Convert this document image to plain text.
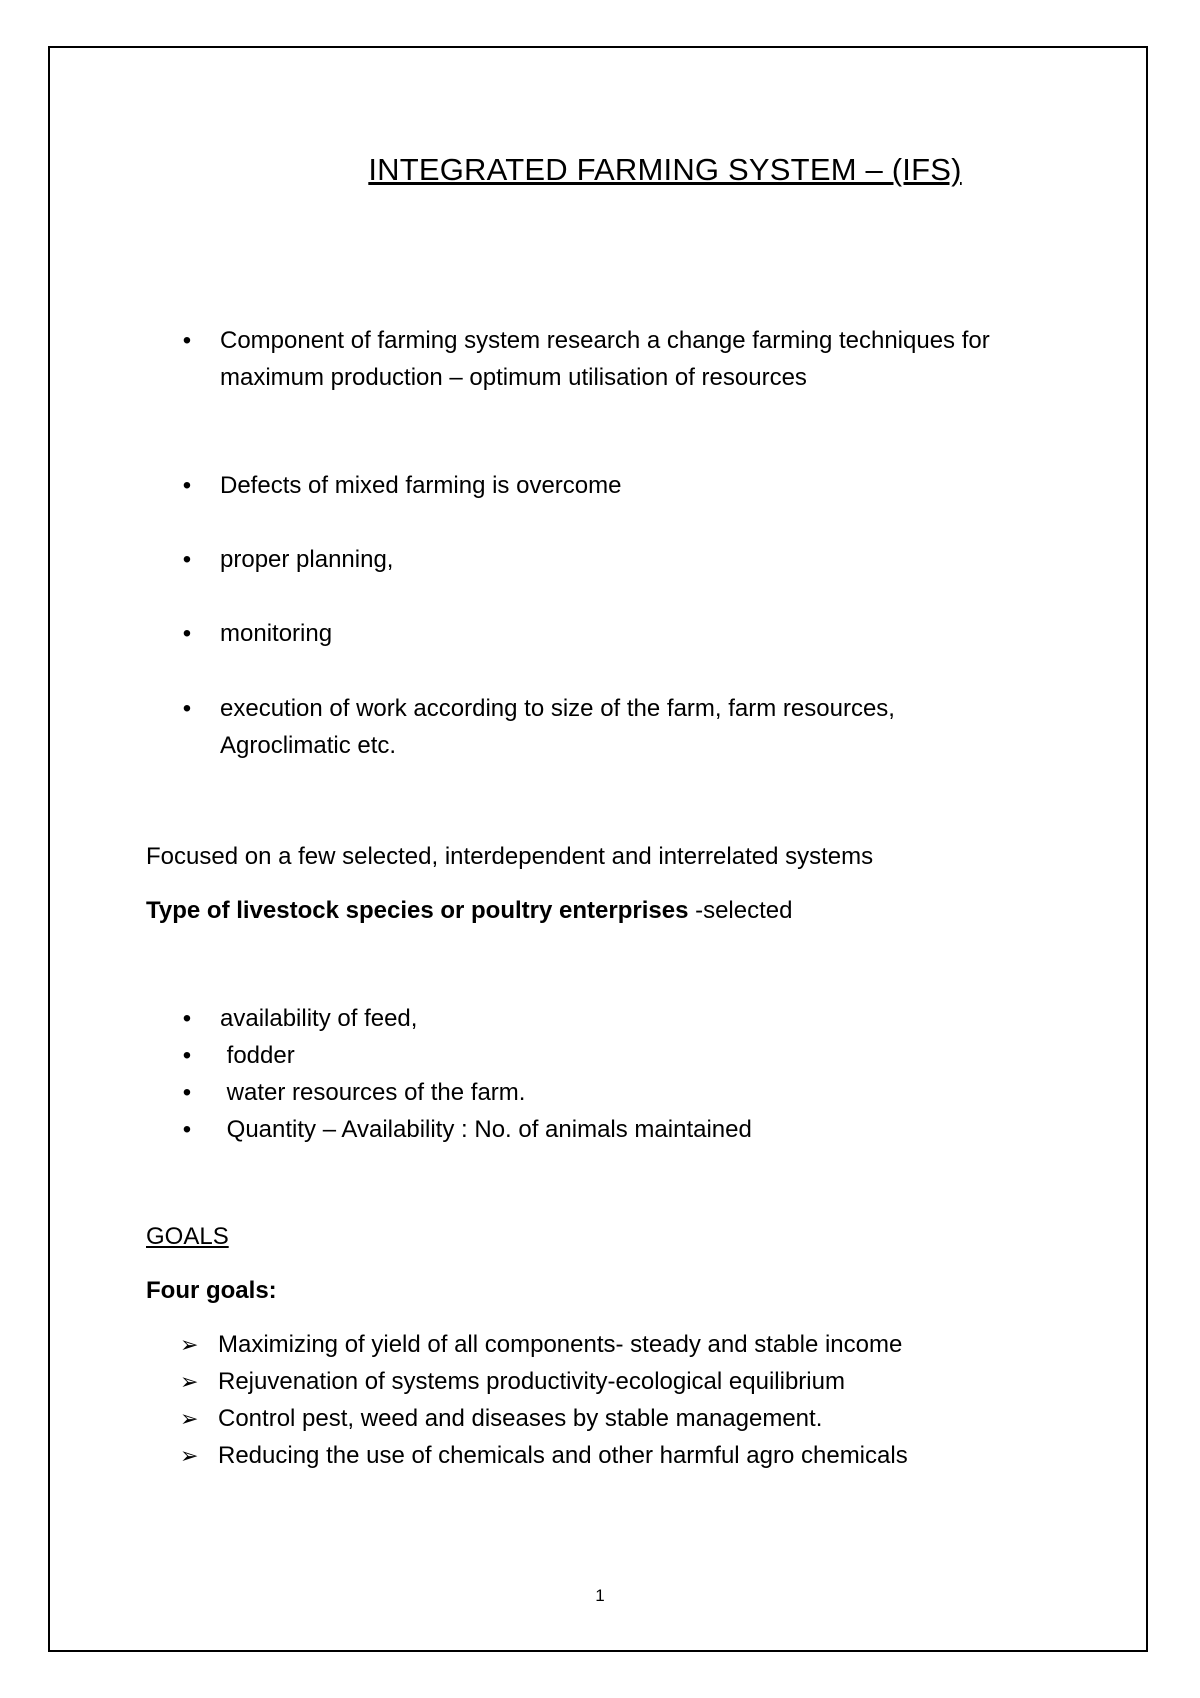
INTEGRATED FARMING SYSTEM – (IFS)
• Component of farming system research a change farming techniques for
maximum production – optimum utilisation of resources
• Defects of mixed farming is overcome
• proper planning,
• monitoring
• execution of work according to size of the farm, farm resources,
Agroclimatic etc.
Focused on a few selected, interdependent and interrelated systems
Type of livestock species or poultry enterprises -selected
• availability of feed,
• fodder
• water resources of the farm.
• Quantity – Availability : No. of animals maintained
GOALS
Four goals:
➢ Maximizing of yield of all components- steady and stable income
➢ Rejuvenation of systems productivity-ecological equilibrium
➢ Control pest, weed and diseases by stable management.
➢ Reducing the use of chemicals and other harmful agro chemicals
1
